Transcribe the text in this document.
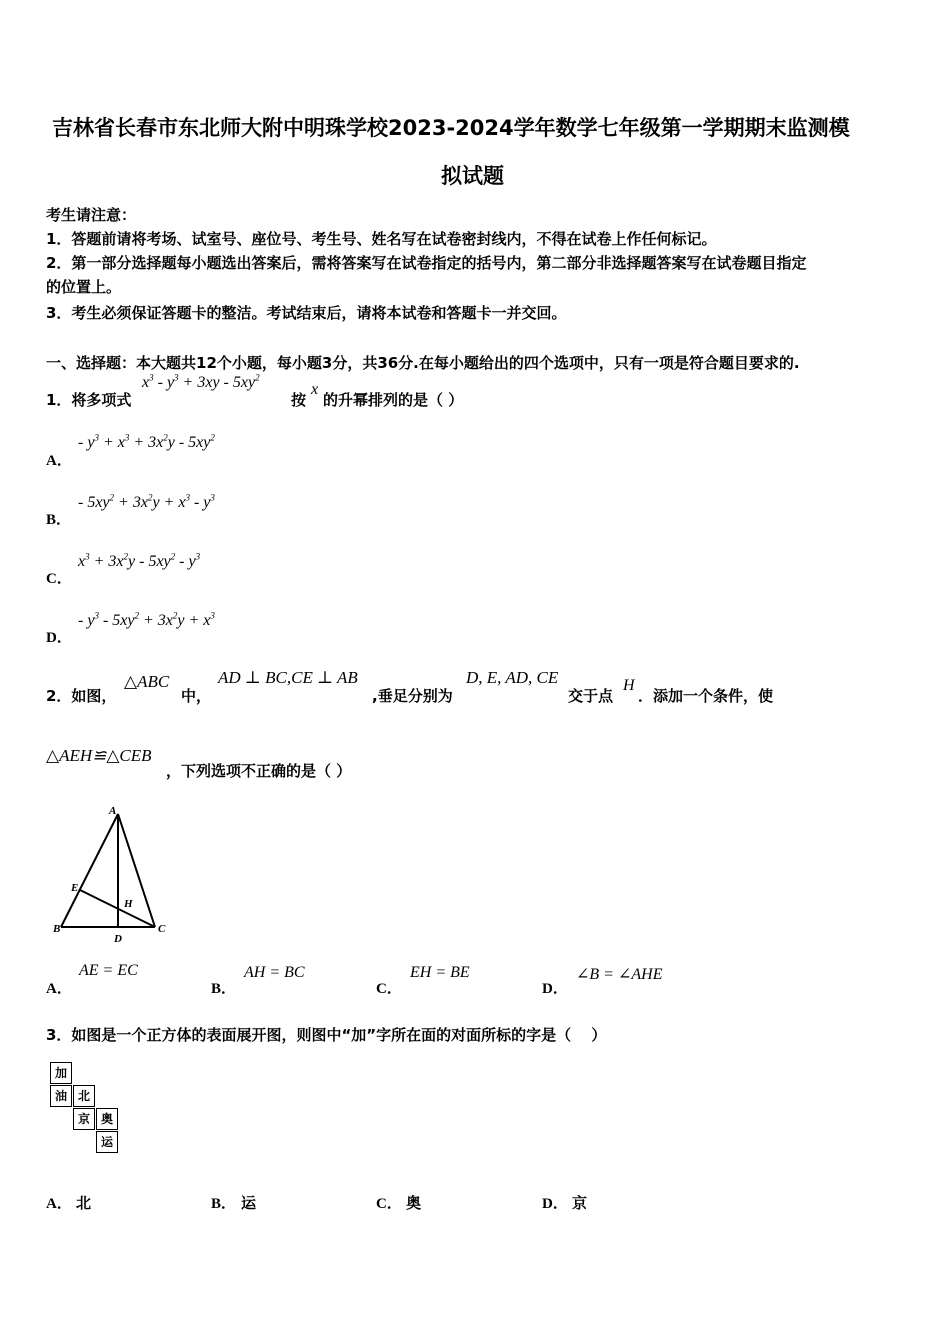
吉林省长春市东北师大附中明珠学校2023-2024学年数学七年级第一学期期末监测模
拟试题
考生请注意：
1．答题前请将考场、试室号、座位号、考生号、姓名写在试卷密封线内，不得在试卷上作任何标记。
2．第一部分选择题每小题选出答案后，需将答案写在试卷指定的括号内，第二部分非选择题答案写在试卷题目指定
的位置上。
3．考生必须保证答题卡的整洁。考试结束后，请将本试卷和答题卡一并交回。
一、选择题：本大题共12个小题，每小题3分，共36分.在每小题给出的四个选项中，只有一项是符合题目要求的.
1．将多项式
$x^3 - y^3 + 3xy - 5xy^2$
按
x
的升幂排列的是（ ）
A．
- $y^3 + x^3 + 3x^2y - 5xy^2$
B．
- $5xy^2 + 3x^2y + x^3 - y^3$
C．
$x^3 + 3x^2y - 5xy^2 - y^3$
D．
- $y^3 - 5xy^2 + 3x^2y + x^3$
2．如图，
△ABC
中，
AD ⊥ BC,CE ⊥ AB
,垂足分别为
D, E, AD, CE
交于点
H
．添加一个条件，使
△AEH≌△CEB
，下列选项不正确的是（ ）
A
E
H
B	C
D
A．
AE = EC
B．
AH = BC
C．
EH = BE
D．
∠B = ∠AHE
3．如图是一个正方体的表面展开图，则图中“加”字所在面的对面所标的字是（　 ）
加
油 北
京 奥
运
A． 北	B． 运	C． 奥	D． 京
